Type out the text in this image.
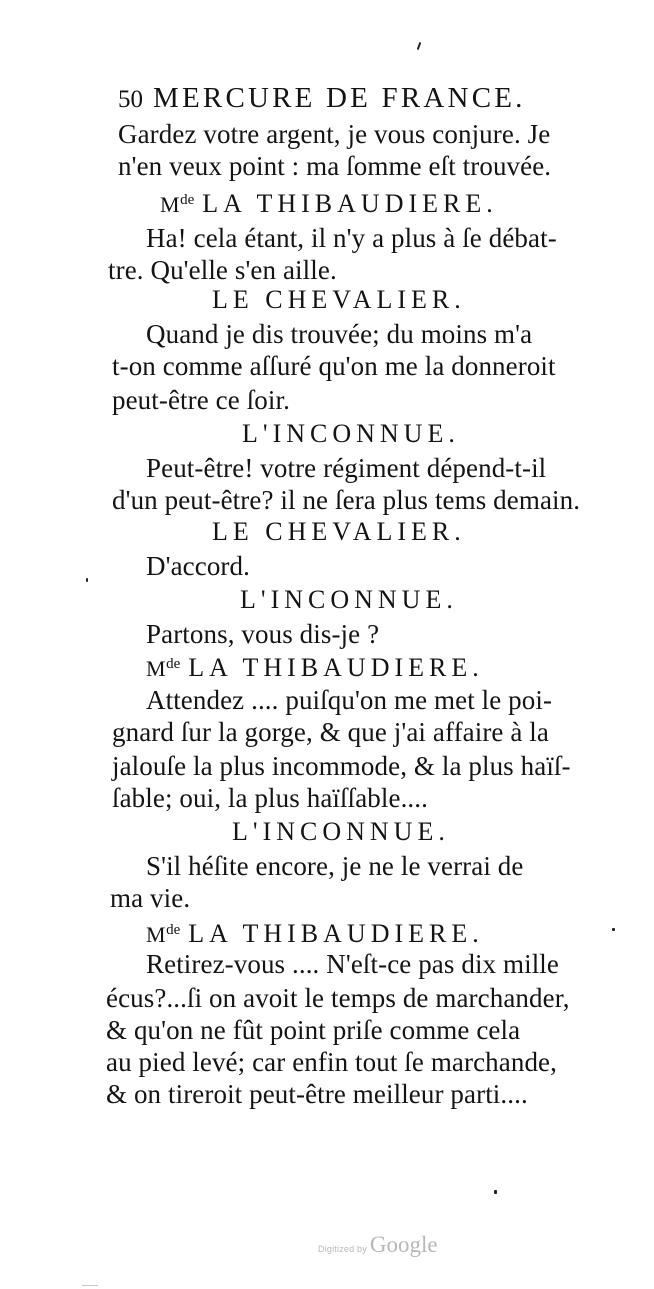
50 MERCURE DE FRANCE.
Gardez votre argent, je vous conjure. Je
n'en veux point : ma ſomme eſt trouvée.
Mde LA THIBAUDIERE.
Ha! cela étant, il n'y a plus à ſe débat-
tre. Qu'elle s'en aille.
LE CHEVALIER.
Quand je dis trouvée; du moins m'a
t-on comme aſſuré qu'on me la donneroit
peut-être ce ſoir.
L'INCONNUE.
Peut-être! votre régiment dépend-t-il
d'un peut-être? il ne ſera plus tems demain.
LE CHEVALIER.
D'accord.
L'INCONNUE.
Partons, vous dis-je ?
Mde LA THIBAUDIERE.
Attendez .... puiſqu'on me met le poi-
gnard ſur la gorge, & que j'ai affaire à la
jalouſe la plus incommode, & la plus haïſ-
ſable; oui, la plus haïſſable....
L'INCONNUE.
S'il héſite encore, je ne le verrai de
ma vie.
Mde LA THIBAUDIERE.
Retirez-vous .... N'eſt-ce pas dix mille
écus?...ſi on avoit le temps de marchander,
& qu'on ne fût point priſe comme cela
au pied levé; car enfin tout ſe marchande,
& on tireroit peut-être meilleur parti....
Digitized by Google
